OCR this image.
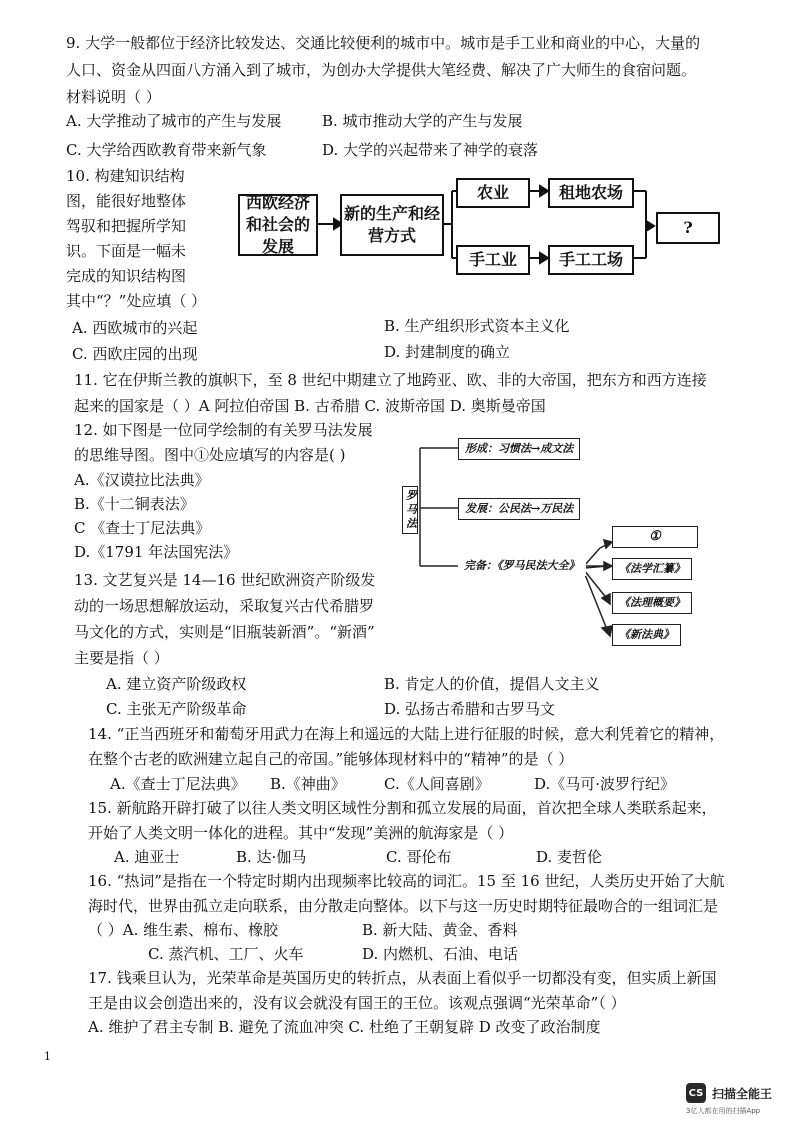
9. 大学一般都位于经济比较发达、交通比较便利的城市中。城市是手工业和商业的中心，大量的
人口、资金从四面八方涌入到了城市，为创办大学提供大笔经费、解决了广大师生的食宿问题。
材料说明（ ）
A. 大学推动了城市的产生与发展	B. 城市推动大学的产生与发展
C. 大学给西欧教育带来新气象	D. 大学的兴起带来了神学的衰落
10. 构建知识结构
图，能很好地整体
驾驭和把握所学知
识。下面是一幅未
完成的知识结构图
其中“？”处应填（ ）
西欧经济和社会的发展
新的生产和经营方式
农业	租地农场
手工业	手工工场
?
A. 西欧城市的兴起	B. 生产组织形式资本主义化
C. 西欧庄园的出现	D. 封建制度的确立
11. 它在伊斯兰教的旗帜下，至 8 世纪中期建立了地跨亚、欧、非的大帝国，把东方和西方连接
起来的国家是（ ）A 阿拉伯帝国 B. 古希腊 C. 波斯帝国 D. 奥斯曼帝国
12. 如下图是一位同学绘制的有关罗马法发展
的思维导图。图中①处应填写的内容是( )
A.《汉谟拉比法典》
B.《十二铜表法》
C 《查士丁尼法典》
D.《1791 年法国宪法》
罗马法
形成：习惯法→成文法
发展：公民法→万民法
完备：《罗马民法大全》
①
《法学汇纂》
《法理概要》
《新法典》
13. 文艺复兴是 14—16 世纪欧洲资产阶级发
动的一场思想解放运动，采取复兴古代希腊罗
马文化的方式，实则是“旧瓶装新酒”。“新酒”
主要是指（ ）
A. 建立资产阶级政权	B. 肯定人的价值，提倡人文主义
C. 主张无产阶级革命	D. 弘扬古希腊和古罗马文
14. “正当西班牙和葡萄牙用武力在海上和遥远的大陆上进行征服的时候，意大利凭着它的精神，
在整个古老的欧洲建立起自己的帝国。”能够体现材料中的“精神”的是（ ）
A.《查士丁尼法典》 B.《神曲》	C.《人间喜剧》	D.《马可·波罗行纪》
15. 新航路开辟打破了以往人类文明区域性分割和孤立发展的局面，首次把全球人类联系起来，
开始了人类文明一体化的进程。其中“发现”美洲的航海家是（ ）
A. 迪亚士	B. 达·伽马	C. 哥伦布	D. 麦哲伦
16. “热词”是指在一个特定时期内出现频率比较高的词汇。15 至 16 世纪，人类历史开始了大航
海时代，世界由孤立走向联系，由分散走向整体。以下与这一历史时期特征最吻合的一组词汇是
（ ）A. 维生素、棉布、橡胶	B. 新大陆、黄金、香料
C. 蒸汽机、工厂、火车	D. 内燃机、石油、电话
17. 钱乘旦认为，光荣革命是英国历史的转折点，从表面上看似乎一切都没有变，但实质上新国
王是由议会创造出来的，没有议会就没有国王的王位。该观点强调“光荣革命”（ ）
A. 维护了君主专制 B. 避免了流血冲突 C. 杜绝了王朝复辟 D 改变了政治制度
1
CS 扫描全能王
3亿人都在用的扫描App
